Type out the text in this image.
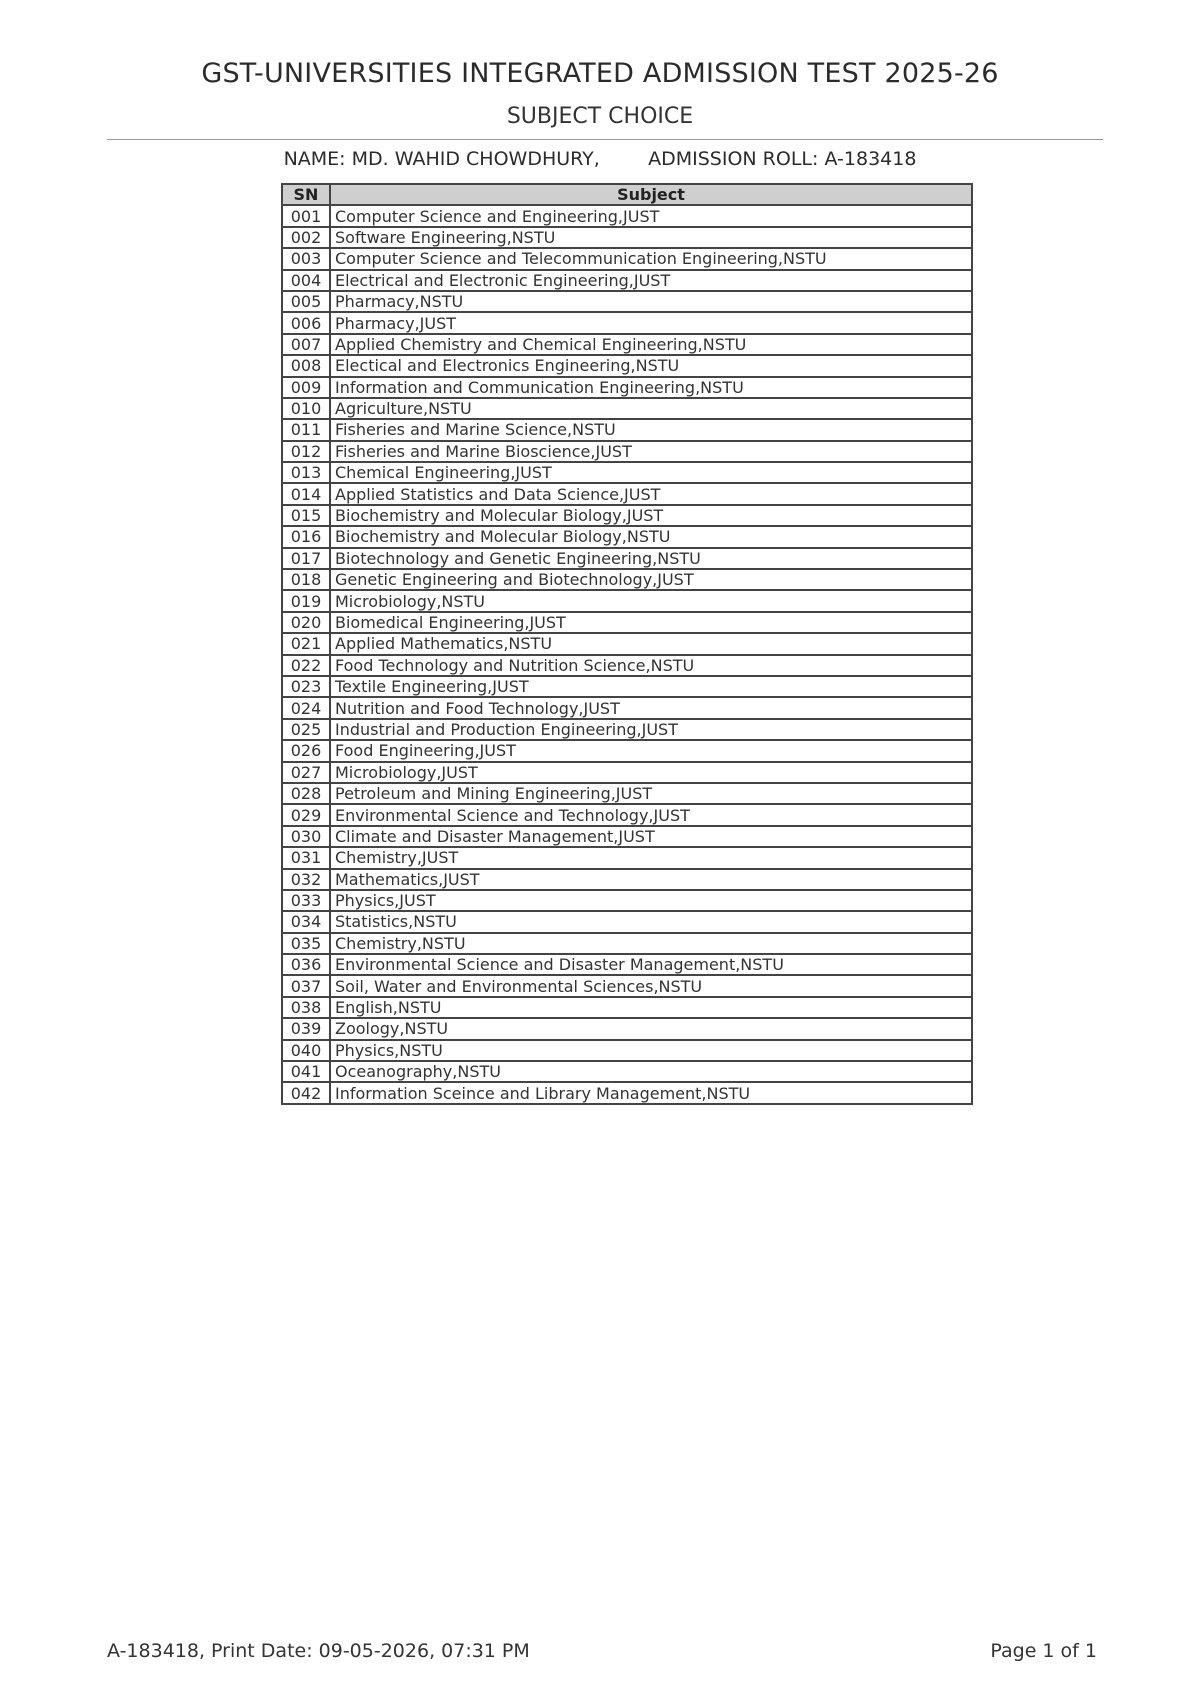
GST-UNIVERSITIES INTEGRATED ADMISSION TEST 2025-26
SUBJECT CHOICE
NAME: MD. WAHID CHOWDHURY,	ADMISSION ROLL: A-183418
SN	Subject
001	Computer Science and Engineering,JUST
002	Software Engineering,NSTU
003	Computer Science and Telecommunication Engineering,NSTU
004	Electrical and Electronic Engineering,JUST
005	Pharmacy,NSTU
006	Pharmacy,JUST
007	Applied Chemistry and Chemical Engineering,NSTU
008	Electical and Electronics Engineering,NSTU
009	Information and Communication Engineering,NSTU
010	Agriculture,NSTU
011	Fisheries and Marine Science,NSTU
012	Fisheries and Marine Bioscience,JUST
013	Chemical Engineering,JUST
014	Applied Statistics and Data Science,JUST
015	Biochemistry and Molecular Biology,JUST
016	Biochemistry and Molecular Biology,NSTU
017	Biotechnology and Genetic Engineering,NSTU
018	Genetic Engineering and Biotechnology,JUST
019	Microbiology,NSTU
020	Biomedical Engineering,JUST
021	Applied Mathematics,NSTU
022	Food Technology and Nutrition Science,NSTU
023	Textile Engineering,JUST
024	Nutrition and Food Technology,JUST
025	Industrial and Production Engineering,JUST
026	Food Engineering,JUST
027	Microbiology,JUST
028	Petroleum and Mining Engineering,JUST
029	Environmental Science and Technology,JUST
030	Climate and Disaster Management,JUST
031	Chemistry,JUST
032	Mathematics,JUST
033	Physics,JUST
034	Statistics,NSTU
035	Chemistry,NSTU
036	Environmental Science and Disaster Management,NSTU
037	Soil, Water and Environmental Sciences,NSTU
038	English,NSTU
039	Zoology,NSTU
040	Physics,NSTU
041	Oceanography,NSTU
042	Information Sceince and Library Management,NSTU
A-183418, Print Date: 09-05-2026, 07:31 PM	Page 1 of 1
